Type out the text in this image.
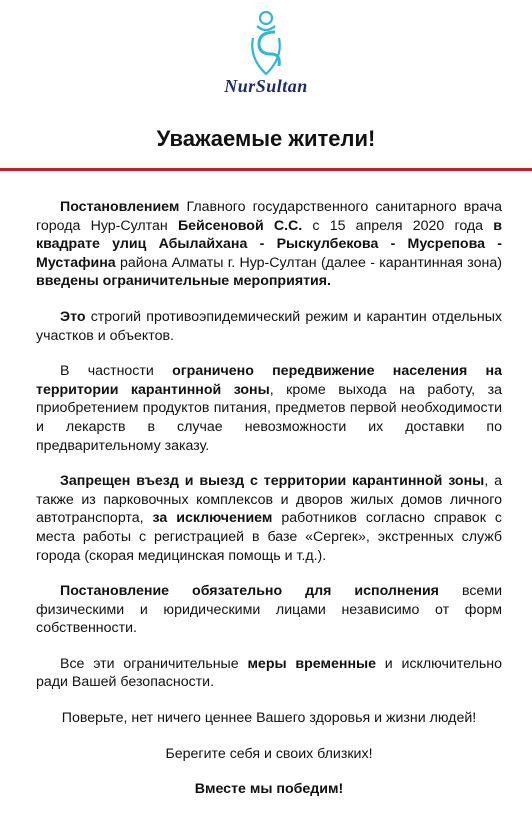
NurSultan
Уважаемые жители!

Постановлением Главного государственного санитарного врача города Нур-Султан Бейсеновой С.С. с 15 апреля 2020 года в квадрате улиц Абылайхана - Рыскулбекова - Мусрепова - Мустафина района Алматы г. Нур-Султан (далее - карантинная зона) введены ограничительные мероприятия.

Это строгий противоэпидемический режим и карантин отдельных участков и объектов.

В частности ограничено передвижение населения на территории карантинной зоны, кроме выхода на работу, за приобретением продуктов питания, предметов первой необходимости и лекарств в случае невозможности их доставки по предварительному заказу.

Запрещен въезд и выезд с территории карантинной зоны, а также из парковочных комплексов и дворов жилых домов личного автотранспорта, за исключением работников согласно справок с места работы с регистрацией в базе «Сергек», экстренных служб города (скорая медицинская помощь и т.д.).

Постановление обязательно для исполнения всеми физическими и юридическими лицами независимо от форм собственности.

Все эти ограничительные меры временные и исключительно ради Вашей безопасности.

Поверьте, нет ничего ценнее Вашего здоровья и жизни людей!

Берегите себя и своих близких!

Вместе мы победим!
